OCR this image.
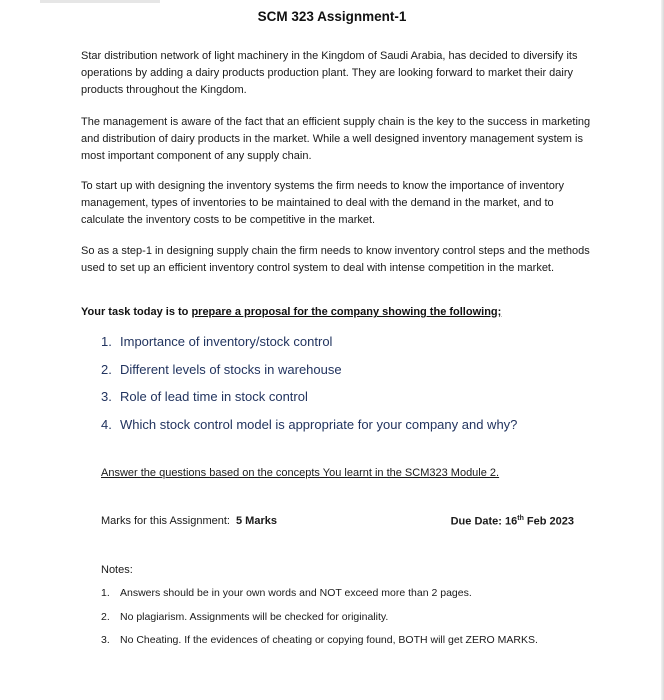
SCM 323 Assignment-1
Star distribution network of light machinery in the Kingdom of Saudi Arabia, has decided to diversify its operations by adding a dairy products production plant. They are looking forward to market their dairy products throughout the Kingdom.
The management is aware of the fact that an efficient supply chain is the key to the success in marketing and distribution of dairy products in the market. While a well designed inventory management system is most important component of any supply chain.
To start up with designing the inventory systems the firm needs to know the importance of inventory management, types of inventories to be maintained to deal with the demand in the market, and to calculate the inventory costs to be competitive in the market.
So as a step-1 in designing supply chain the firm needs to know inventory control steps and the methods used to set up an efficient inventory control system to deal with intense competition in the market.
Your task today is to prepare a proposal for the company showing the following;
1. Importance of inventory/stock control
2. Different levels of stocks in warehouse
3. Role of lead time in stock control
4. Which stock control model is appropriate for your company and why?
Answer the questions based on the concepts You learnt in the SCM323 Module 2.
Marks for this Assignment: 5 Marks	Due Date: 16th Feb 2023
Notes:
1. Answers should be in your own words and NOT exceed more than 2 pages.
2. No plagiarism. Assignments will be checked for originality.
3. No Cheating. If the evidences of cheating or copying found, BOTH will get ZERO MARKS.
